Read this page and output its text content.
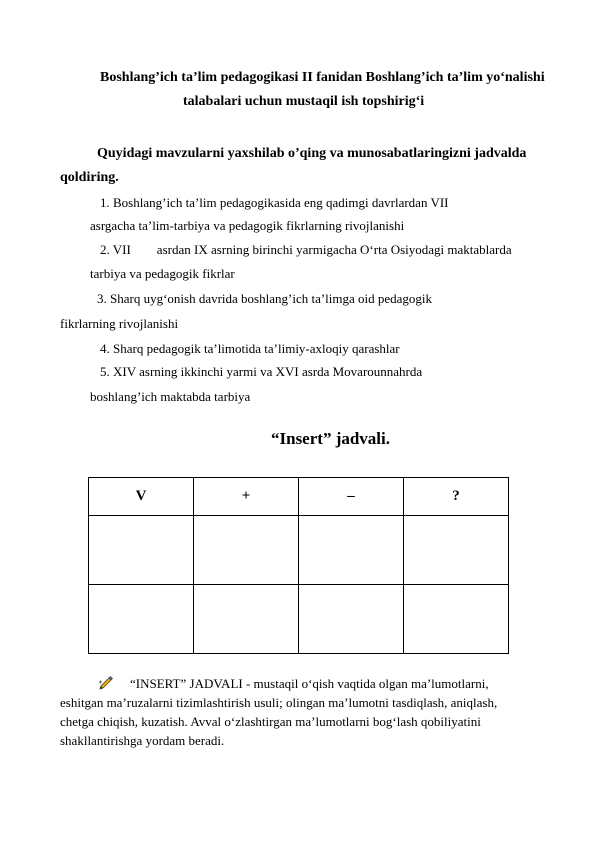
Boshlang’ich ta’lim pedagogikasi II fanidan Boshlang’ich ta’lim yo‘nalishi
talabalari uchun mustaqil ish topshirig‘i
Quyidagi mavzularni yaxshilab o’qing va munosabatlaringizni jadvalda
qoldiring.
1. Boshlang’ich ta’lim pedagogikasida eng qadimgi davrlardan VII
asrgacha ta’lim-tarbiya va pedagogik fikrlarning rivojlanishi
2. VII        asrdan IX asrning birinchi yarmigacha O‘rta Osiyodagi maktablarda
tarbiya va pedagogik fikrlar
3. Sharq uyg‘onish davrida boshlang’ich ta’limga oid pedagogik
fikrlarning rivojlanishi
4. Sharq pedagogik ta’limotida ta’limiy-axloqiy qarashlar
5. XIV asrning ikkinchi yarmi va XVI asrda Movarounnahrda
boshlang’ich maktabda tarbiya
“Insert” jadvali.
V	+	–	?

“INSERT” JADVALI - mustaqil o‘qish vaqtida olgan ma’lumotlarni,
eshitgan ma’ruzalarni tizimlashtirish usuli; olingan ma’lumotni tasdiqlash, aniqlash,
chetga chiqish, kuzatish. Avval o‘zlashtirgan ma’lumotlarni bog‘lash qobiliyatini
shakllantirishga yordam beradi.
